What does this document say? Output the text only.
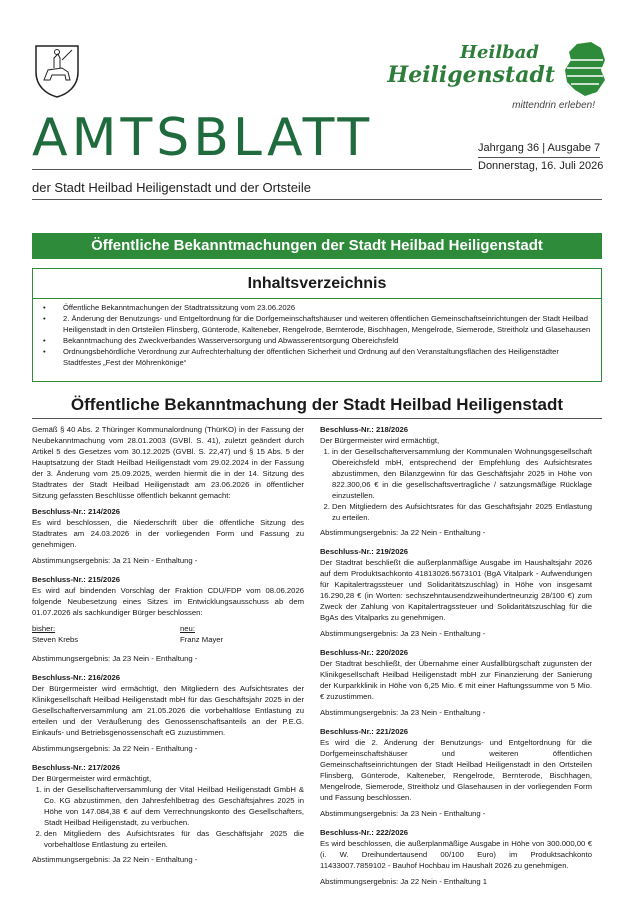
Heilbad
Heiligenstadt
mittendrin erleben!
AMTSBLATT	Jahrgang 36 | Ausgabe 7
Donnerstag, 16. Juli 2026
der Stadt Heilbad Heiligenstadt und der Ortsteile
Öffentliche Bekanntmachungen der Stadt Heilbad Heiligenstadt
Inhaltsverzeichnis
• Öffentliche Bekanntmachungen der Stadtratssitzung vom 23.06.2026
• 2. Änderung der Benutzungs- und Entgeltordnung für die Dorfgemeinschaftshäuser und weiteren öffentlichen Gemeinschaftseinrichtungen der Stadt Heilbad Heiligenstadt in den Ortsteilen Flinsberg, Günterode, Kalteneber, Rengelrode, Bernterode, Bischhagen, Mengelrode, Siemerode, Streitholz und Glasehausen
• Bekanntmachung des Zweckverbandes Wasserversorgung und Abwasserentsorgung Obereichsfeld
• Ordnungsbehördliche Verordnung zur Aufrechterhaltung der öffentlichen Sicherheit und Ordnung auf den Veranstaltungsflächen des Heiligenstädter Stadtfestes „Fest der Möhrenkönige“
Öffentliche Bekanntmachung der Stadt Heilbad Heiligenstadt

Gemäß § 40 Abs. 2 Thüringer Kommunalordnung (ThürKO) in der Fassung der Neubekanntmachung vom 28.01.2003 (GVBl. S. 41), zuletzt geändert durch Artikel 5 des Gesetzes vom 30.12.2025 (GVBl. S. 22,47) und § 15 Abs. 5 der Hauptsatzung der Stadt Heilbad Heiligenstadt vom 29.02.2024 in der Fassung der 3. Änderung vom 25.09.2025, werden hiermit die in der 14. Sitzung des Stadtrates der Stadt Heilbad Heiligenstadt am 23.06.2026 in öffentlicher Sitzung gefassten Beschlüsse öffentlich bekannt gemacht:

Beschluss-Nr.: 214/2026

Es wird beschlossen, die Niederschrift über die öffentliche Sitzung des Stadtrates am 24.03.2026 in der vorliegenden Form und Fassung zu genehmigen.

Abstimmungsergebnis: Ja 21 Nein - Enthaltung -
Beschluss-Nr.: 215/2026

Es wird auf bindenden Vorschlag der Fraktion CDU/FDP vom 08.06.2026 folgende Neubesetzung eines Sitzes im Entwicklungsausschuss ab dem 01.07.2026 als sachkundiger Bürger beschlossen:

bisher:
Steven Krebs
neu:
Franz Mayer
Abstimmungsergebnis: Ja 23 Nein - Enthaltung -
Beschluss-Nr.: 216/2026

Der Bürgermeister wird ermächtigt, den Mitgliedern des Aufsichtsrates der Klinikgesellschaft Heilbad Heiligenstadt mbH für das Geschäftsjahr 2025 in der Gesellschafterversammlung am 21.05.2026 die vorbehaltlose Entlastung zu erteilen und der Veräußerung des Genossenschaftsanteils an der P.E.G. Einkaufs- und Betriebsgenossenschaft eG zuzustimmen.

Abstimmungsergebnis: Ja 22 Nein - Enthaltung -
Beschluss-Nr.: 217/2026
Der Bürgermeister wird ermächtigt,
1. in der Gesellschafterversammlung der Vital Heilbad Heiligenstadt GmbH & Co. KG abzustimmen, den Jahresfehlbetrag des Geschäftsjahres 2025 in Höhe von 147.084,38 € auf dem Verrechnungskonto des Gesellschafters, Stadt Heilbad Heiligenstadt, zu verbuchen.
2. den Mitgliedern des Aufsichtsrates für das Geschäftsjahr 2025 die vorbehaltlose Entlastung zu erteilen.
Abstimmungsergebnis: Ja 22 Nein - Enthaltung -
Beschluss-Nr.: 218/2026
Der Bürgermeister wird ermächtigt,
1. in der Gesellschafterversammlung der Kommunalen Wohnungsgesellschaft Obereichsfeld mbH, entsprechend der Empfehlung des Aufsichtsrates abzustimmen, den Bilanzgewinn für das Geschäftsjahr 2025 in Höhe von 822.300,06 € in die gesellschaftsvertragliche / satzungsmäßige Rücklage einzustellen.
2. Den Mitgliedern des Aufsichtsrates für das Geschäftsjahr 2025 Entlastung zu erteilen.
Abstimmungsergebnis: Ja 22 Nein - Enthaltung -
Beschluss-Nr.: 219/2026

Der Stadtrat beschließt die außerplanmäßige Ausgabe im Haushaltsjahr 2026 auf dem Produktsachkonto 41813026.5673101 (BgA Vitalpark - Aufwendungen für Kapitalertragssteuer und Solidaritätszuschlag) in Höhe von insgesamt 16.290,28 € (in Worten: sechszehntausendzweihundertneunzig 28/100 €) zum Zweck der Zahlung von Kapitalertragssteuer und Solidaritätszuschlag für die BgAs des Vitalparks zu genehmigen.

Abstimmungsergebnis: Ja 23 Nein - Enthaltung -
Beschluss-Nr.: 220/2026

Der Stadtrat beschließt, der Übernahme einer Ausfallbürgschaft zugunsten der Klinikgesellschaft Heilbad Heiligenstadt mbH zur Finanzierung der Sanierung der Kurparkklinik in Höhe von 6,25 Mio. € mit einer Haftungssumme von 5 Mio. € zuzustimmen.

Abstimmungsergebnis: Ja 23 Nein - Enthaltung -
Beschluss-Nr.: 221/2026

Es wird die 2. Änderung der Benutzungs- und Entgeltordnung für die Dorfgemeinschaftshäuser und weiteren öffentlichen Gemeinschaftseinrichtungen der Stadt Heilbad Heiligenstadt in den Ortsteilen Flinsberg, Günterode, Kalteneber, Rengelrode, Bernterode, Bischhagen, Mengelrode, Siemerode, Streitholz und Glasehausen in der vorliegenden Form und Fassung beschlossen.

Abstimmungsergebnis: Ja 23 Nein - Enthaltung -
Beschluss-Nr.: 222/2026

Es wird beschlossen, die außerplanmäßige Ausgabe in Höhe von 300.000,00 € (i. W. Dreihundertausend 00/100 Euro) im Produktsachkonto 11433007.7859102 - Bauhof Hochbau im Haushalt 2026 zu genehmigen.

Abstimmungsergebnis: Ja 22 Nein - Enthaltung 1
